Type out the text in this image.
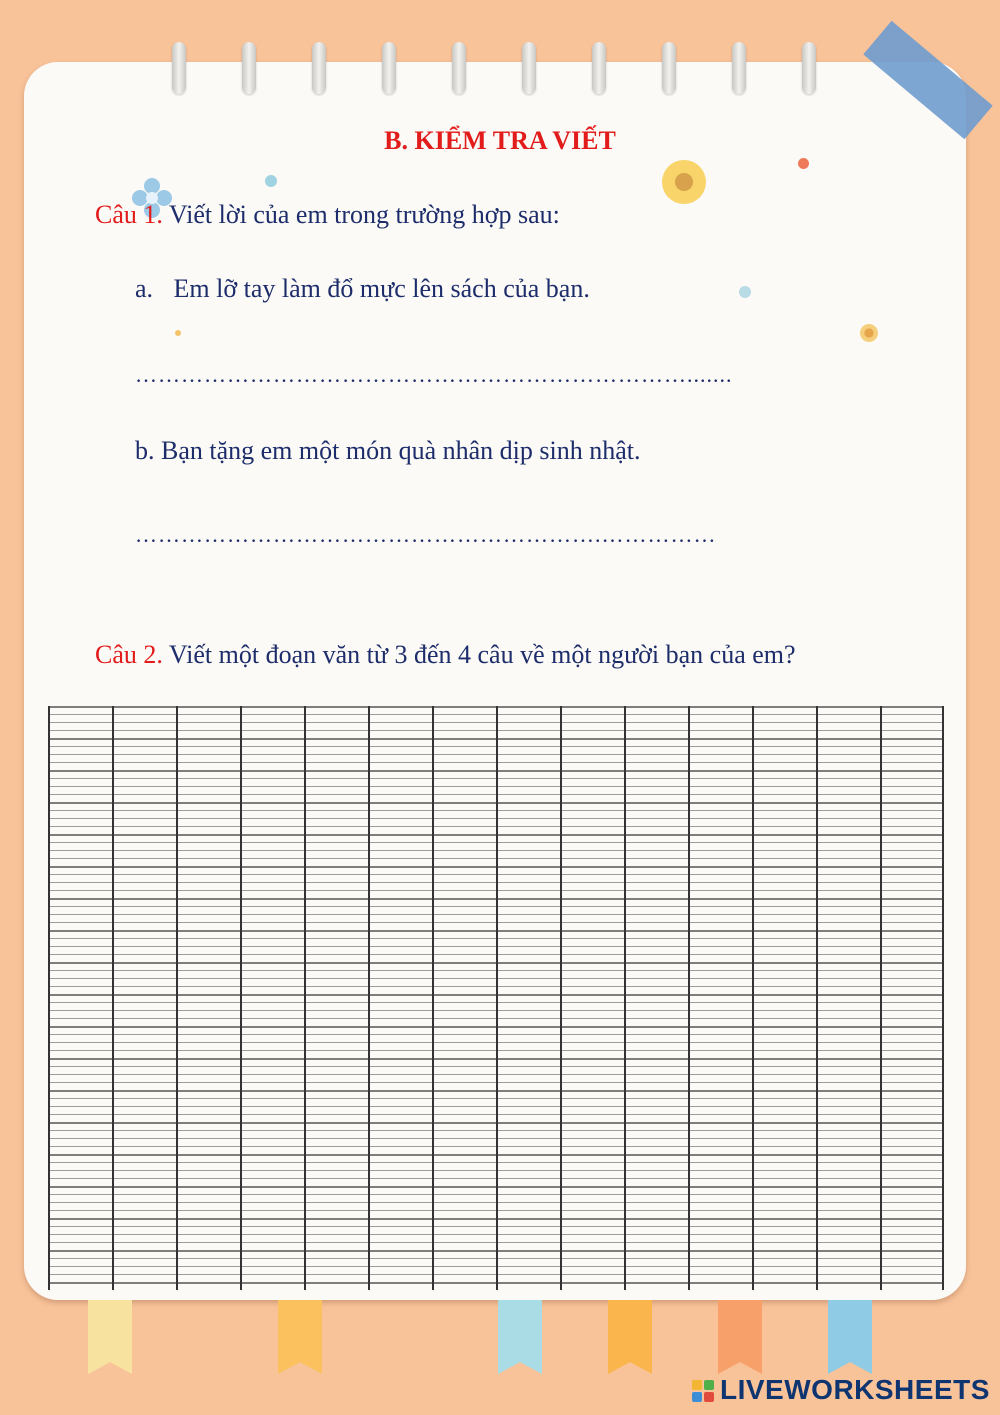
B. KIỂM TRA VIẾT
Câu 1. Viết lời của em trong trường hợp sau:
a. Em lỡ tay làm đổ mực lên sách của bạn.
……………………………………………………………….......
b. Bạn tặng em một món quà nhân dịp sinh nhật.
…………………………………………………….……………
Câu 2. Viết một đoạn văn từ 3 đến 4 câu về một người bạn của em?
LIVEWORKSHEETS
